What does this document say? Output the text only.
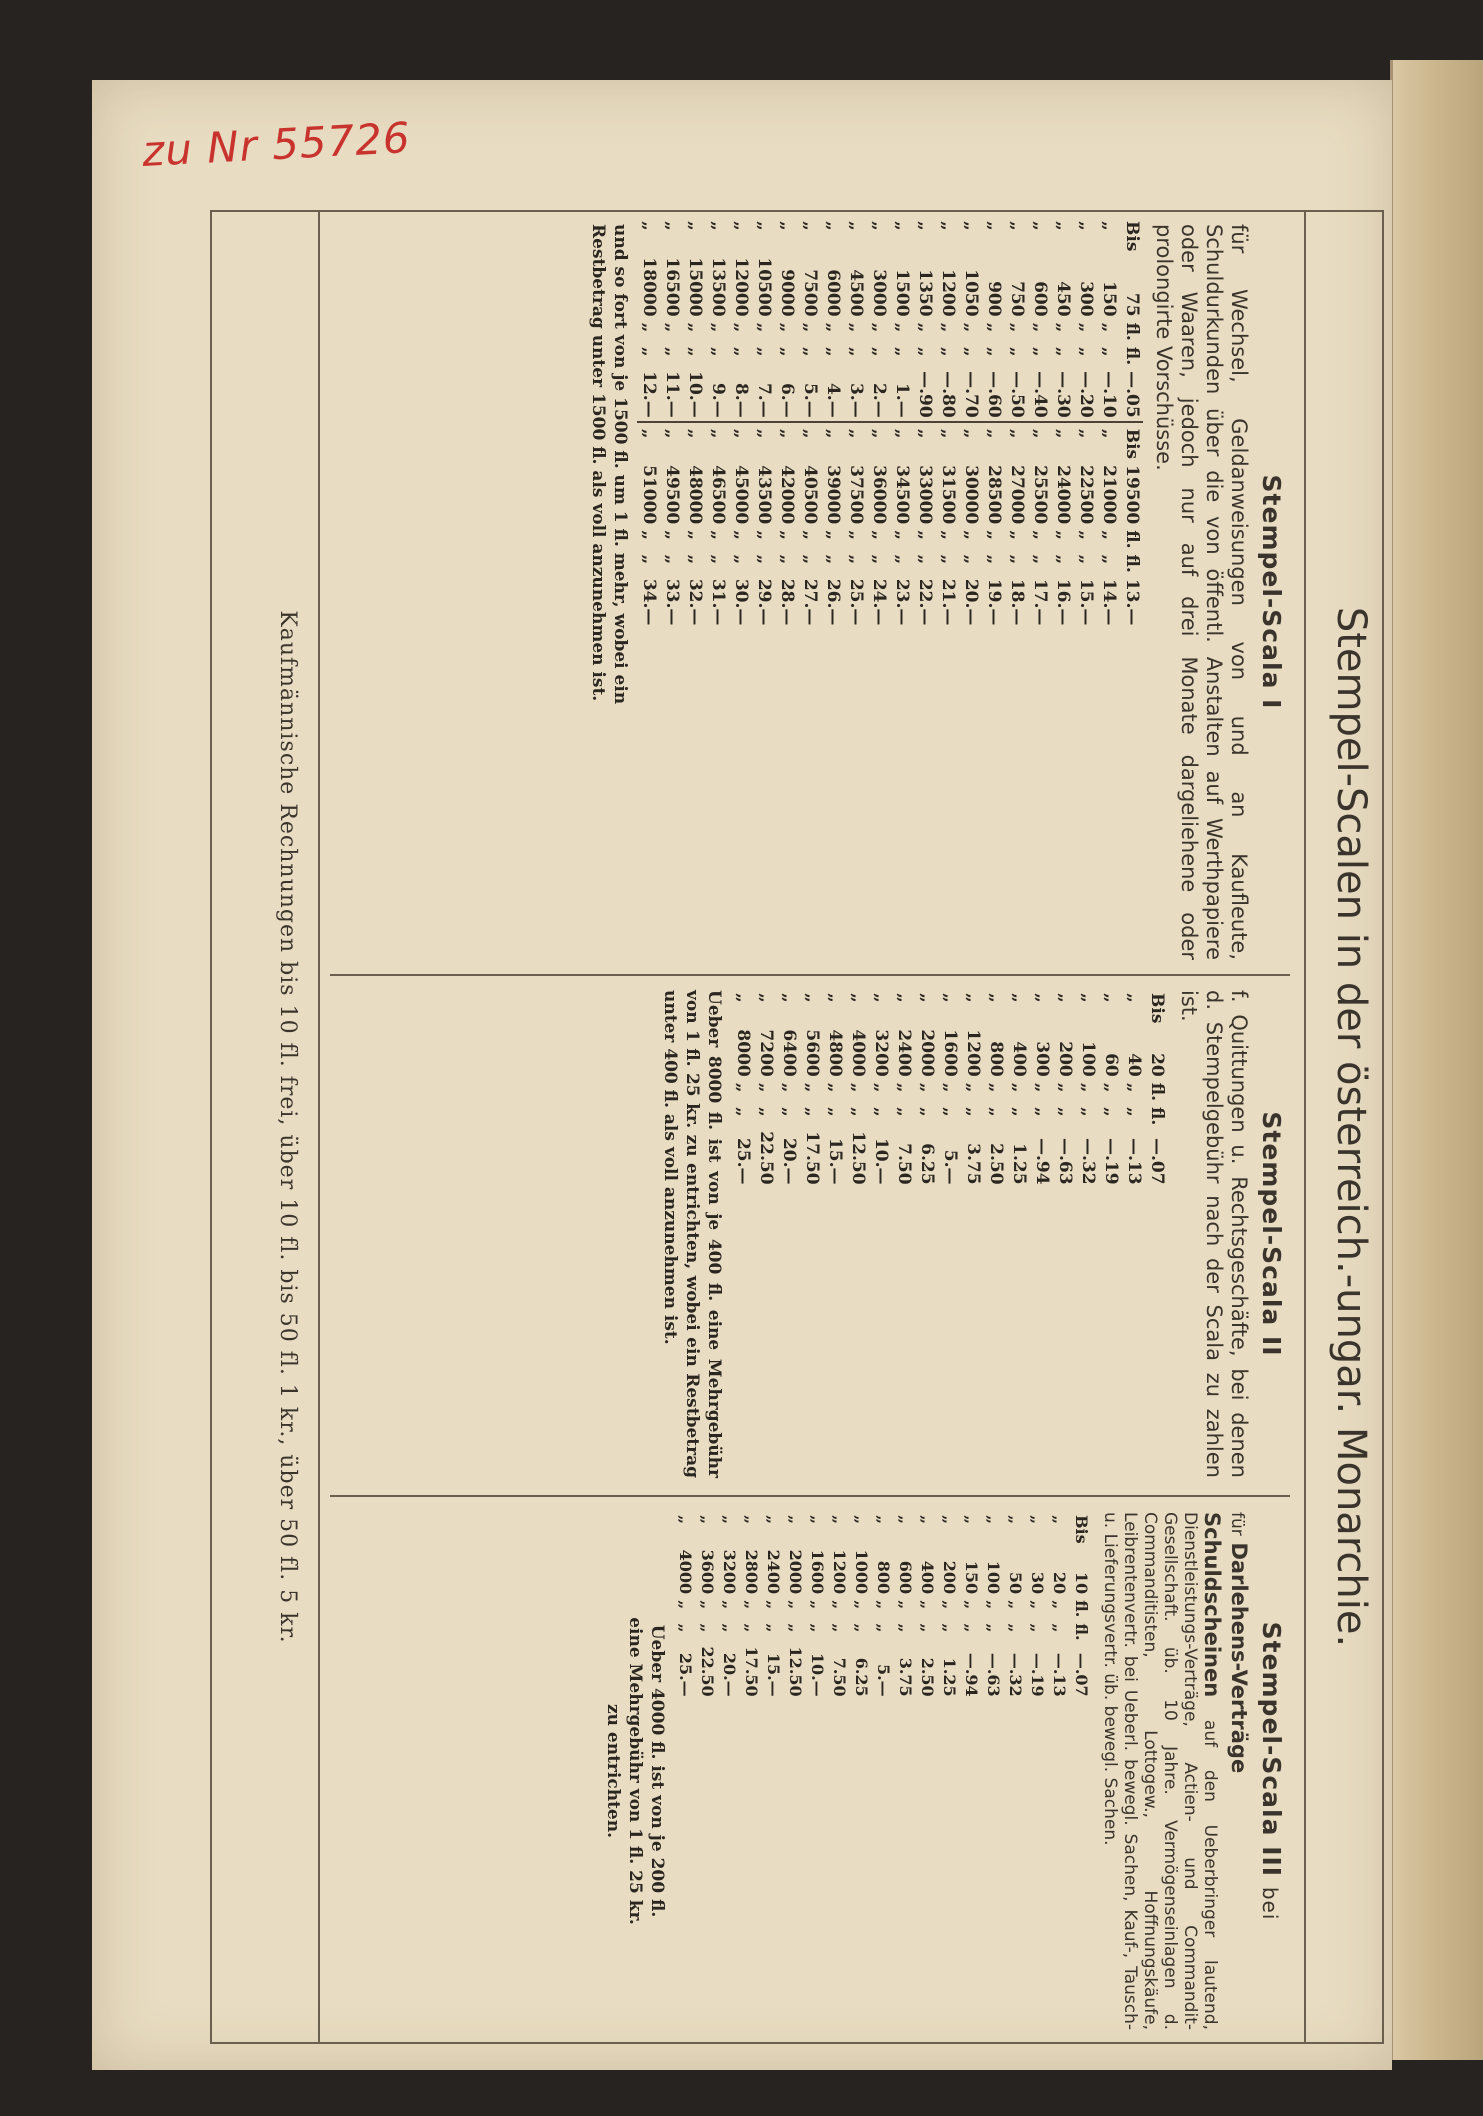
zu Nr 55726
Stempel-Scalen in der österreich.-ungar. Monarchie.
Stempel-Scala I
für Wechsel, Geldanweisungen von und an Kaufleute, Schuldurkunden über die von öffentl. Anstalten auf Werthpapiere oder Waaren, jedoch nur auf drei Monate dargeliehene oder prolongirte Vorschüsse.
Bis	75	fl.	fl.	—.05	Bis	19500	fl.	fl.	13.—
„	150	„	„	—.10	„	21000	„	„	14.—
„	300	„	„	—.20	„	22500	„	„	15.—
„	450	„	„	—.30	„	24000	„	„	16.—
„	600	„	„	—.40	„	25500	„	„	17.—
„	750	„	„	—.50	„	27000	„	„	18.—
„	900	„	„	—.60	„	28500	„	„	19.—
„	1050	„	„	—.70	„	30000	„	„	20.—
„	1200	„	„	—.80	„	31500	„	„	21.—
„	1350	„	„	—.90	„	33000	„	„	22.—
„	1500	„	„	1.—	„	34500	„	„	23.—
„	3000	„	„	2.—	„	36000	„	„	24.—
„	4500	„	„	3.—	„	37500	„	„	25.—
„	6000	„	„	4.—	„	39000	„	„	26.—
„	7500	„	„	5.—	„	40500	„	„	27.—
„	9000	„	„	6.—	„	42000	„	„	28.—
„	10500	„	„	7.—	„	43500	„	„	29.—
„	12000	„	„	8.—	„	45000	„	„	30.—
„	13500	„	„	9.—	„	46500	„	„	31.—
„	15000	„	„	10.—	„	48000	„	„	32.—
„	16500	„	„	11.—	„	49500	„	„	33.—
„	18000	„	„	12.—	„	51000	„	„	34.—
und so fort von je 1500 fl. um 1 fl. mehr, wobei ein
Restbetrag unter 1500 fl. als voll anzunehmen ist.
Stempel-Scala II
f. Quittungen u. Rechtsgeschäfte, bei denen d. Stempelgebühr nach der Scala zu zahlen ist.
Bis	20	fl.	fl.	—.07
„	40	„	„	—.13
„	60	„	„	—.19
„	100	„	„	—.32
„	200	„	„	—.63
„	300	„	„	—.94
„	400	„	„	1.25
„	800	„	„	2.50
„	1200	„	„	3.75
„	1600	„	„	5.—
„	2000	„	„	6.25
„	2400	„	„	7.50
„	3200	„	„	10.—
„	4000	„	„	12.50
„	4800	„	„	15.—
„	5600	„	„	17.50
„	6400	„	„	20.—
„	7200	„	„	22.50
„	8000	„	„	25.—
Ueber 8000 fl. ist von je 400 fl. eine Mehrgebühr von 1 fl. 25 kr. zu entrichten, wobei ein Restbetrag unter 400 fl. als voll anzunehmen ist.
Stempel-Scala III bei
für Darlehens-Verträge
Schuldscheinen auf den Ueberbringer lautend, Dienstleistungs-Verträge, Actien- und Commandit-Gesellschaft. üb. 10 Jahre. Vermögenseinlagen d. Commanditisten, Lottogew., Hoffnungskäufe, Leibrentenvertr. bei Ueberl. bewegl. Sachen, Kauf-, Tausch- u. Lieferungsvertr. üb. bewegl. Sachen.
Bis	10	fl.	fl.	—.07
„	20	„	„	—.13
„	30	„	„	—.19
„	50	„	„	—.32
„	100	„	„	—.63
„	150	„	„	—.94
„	200	„	„	1.25
„	400	„	„	2.50
„	600	„	„	3.75
„	800	„	„	5.—
„	1000	„	„	6.25
„	1200	„	„	7.50
„	1600	„	„	10.—
„	2000	„	„	12.50
„	2400	„	„	15.—
„	2800	„	„	17.50
„	3200	„	„	20.—
„	3600	„	„	22.50
„	4000	„	„	25.—
Ueber 4000 fl. ist von je 200 fl.
eine Mehrgebühr von 1 fl. 25 kr.
zu entrichten.
Kaufmännische Rechnungen bis 10 fl. frei, über 10 fl. bis 50 fl. 1 kr., über 50 fl. 5 kr.
